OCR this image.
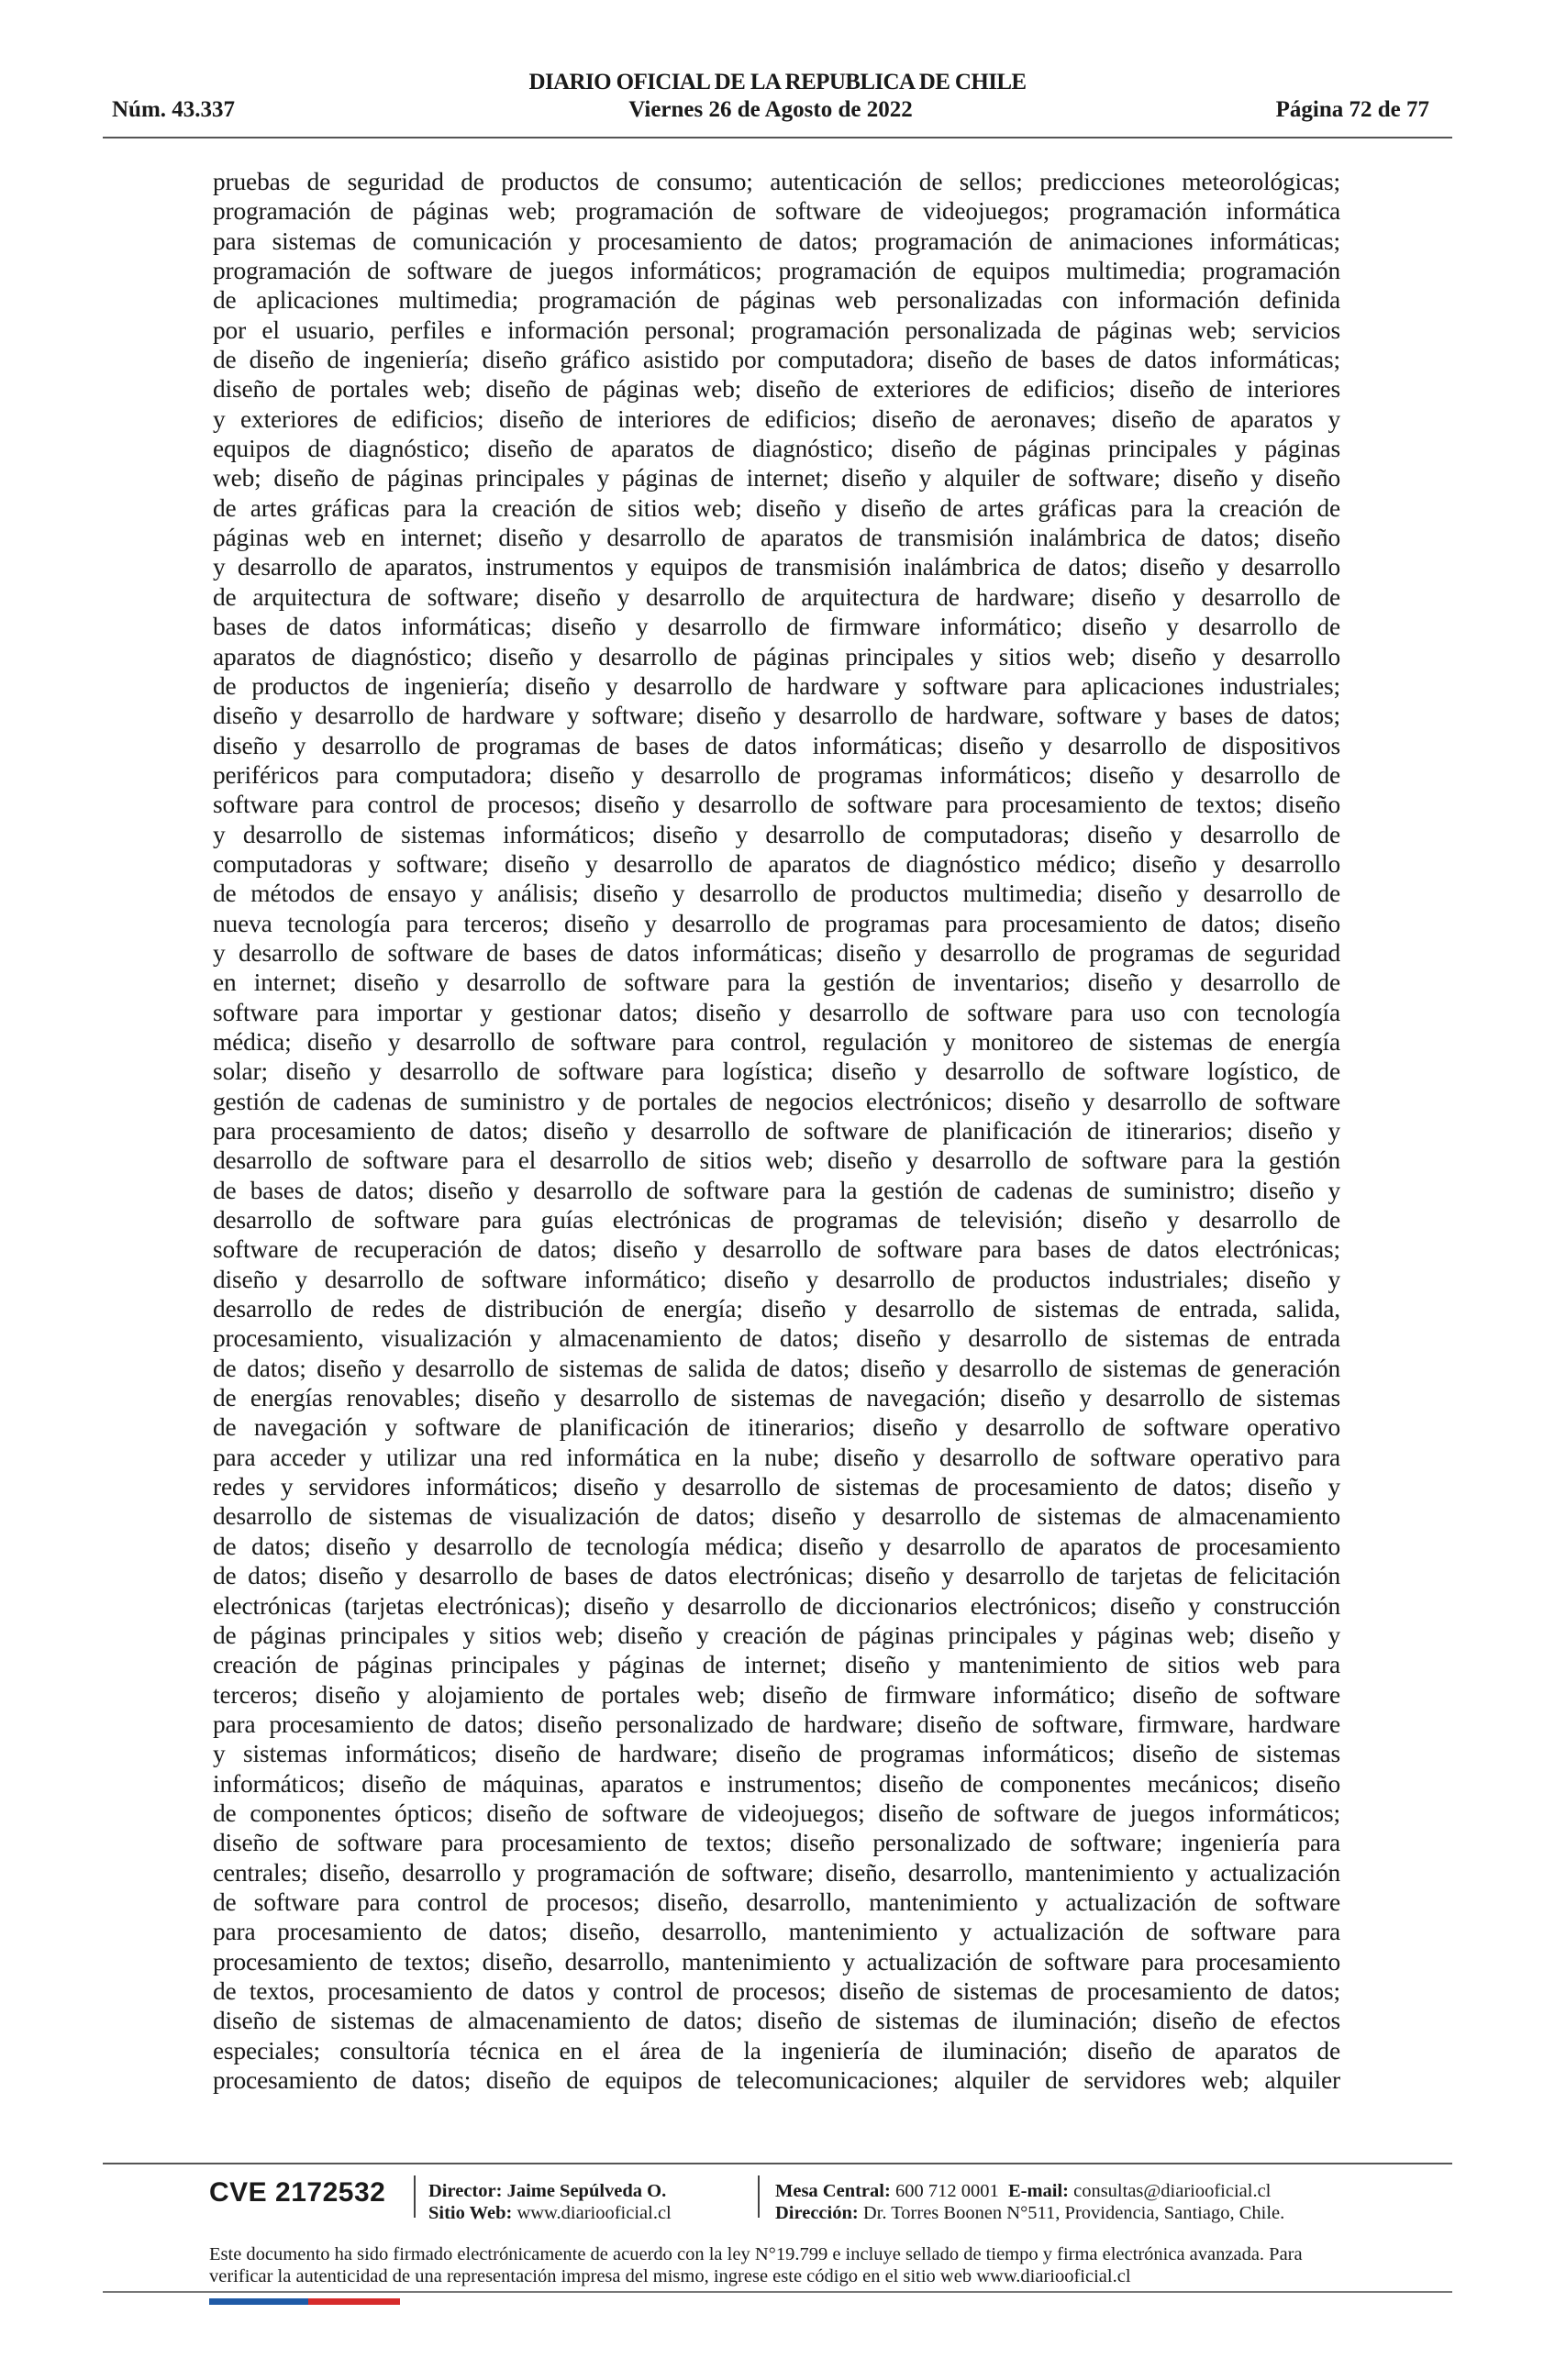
DIARIO OFICIAL DE LA REPUBLICA DE CHILE
Núm. 43.337	Viernes 26 de Agosto de 2022	Página 72 de 77
pruebas de seguridad de productos de consumo; autenticación de sellos; predicciones meteorológicas;
programación de páginas web; programación de software de videojuegos; programación informática
para sistemas de comunicación y procesamiento de datos; programación de animaciones informáticas;
programación de software de juegos informáticos; programación de equipos multimedia; programación
de aplicaciones multimedia; programación de páginas web personalizadas con información definida
por el usuario, perfiles e información personal; programación personalizada de páginas web; servicios
de diseño de ingeniería; diseño gráfico asistido por computadora; diseño de bases de datos informáticas;
diseño de portales web; diseño de páginas web; diseño de exteriores de edificios; diseño de interiores
y exteriores de edificios; diseño de interiores de edificios; diseño de aeronaves; diseño de aparatos y
equipos de diagnóstico; diseño de aparatos de diagnóstico; diseño de páginas principales y páginas
web; diseño de páginas principales y páginas de internet; diseño y alquiler de software; diseño y diseño
de artes gráficas para la creación de sitios web; diseño y diseño de artes gráficas para la creación de
páginas web en internet; diseño y desarrollo de aparatos de transmisión inalámbrica de datos; diseño
y desarrollo de aparatos, instrumentos y equipos de transmisión inalámbrica de datos; diseño y desarrollo
de arquitectura de software; diseño y desarrollo de arquitectura de hardware; diseño y desarrollo de
bases de datos informáticas; diseño y desarrollo de firmware informático; diseño y desarrollo de
aparatos de diagnóstico; diseño y desarrollo de páginas principales y sitios web; diseño y desarrollo
de productos de ingeniería; diseño y desarrollo de hardware y software para aplicaciones industriales;
diseño y desarrollo de hardware y software; diseño y desarrollo de hardware, software y bases de datos;
diseño y desarrollo de programas de bases de datos informáticas; diseño y desarrollo de dispositivos
periféricos para computadora; diseño y desarrollo de programas informáticos; diseño y desarrollo de
software para control de procesos; diseño y desarrollo de software para procesamiento de textos; diseño
y desarrollo de sistemas informáticos; diseño y desarrollo de computadoras; diseño y desarrollo de
computadoras y software; diseño y desarrollo de aparatos de diagnóstico médico; diseño y desarrollo
de métodos de ensayo y análisis; diseño y desarrollo de productos multimedia; diseño y desarrollo de
nueva tecnología para terceros; diseño y desarrollo de programas para procesamiento de datos; diseño
y desarrollo de software de bases de datos informáticas; diseño y desarrollo de programas de seguridad
en internet; diseño y desarrollo de software para la gestión de inventarios; diseño y desarrollo de
software para importar y gestionar datos; diseño y desarrollo de software para uso con tecnología
médica; diseño y desarrollo de software para control, regulación y monitoreo de sistemas de energía
solar; diseño y desarrollo de software para logística; diseño y desarrollo de software logístico, de
gestión de cadenas de suministro y de portales de negocios electrónicos; diseño y desarrollo de software
para procesamiento de datos; diseño y desarrollo de software de planificación de itinerarios; diseño y
desarrollo de software para el desarrollo de sitios web; diseño y desarrollo de software para la gestión
de bases de datos; diseño y desarrollo de software para la gestión de cadenas de suministro; diseño y
desarrollo de software para guías electrónicas de programas de televisión; diseño y desarrollo de
software de recuperación de datos; diseño y desarrollo de software para bases de datos electrónicas;
diseño y desarrollo de software informático; diseño y desarrollo de productos industriales; diseño y
desarrollo de redes de distribución de energía; diseño y desarrollo de sistemas de entrada, salida,
procesamiento, visualización y almacenamiento de datos; diseño y desarrollo de sistemas de entrada
de datos; diseño y desarrollo de sistemas de salida de datos; diseño y desarrollo de sistemas de generación
de energías renovables; diseño y desarrollo de sistemas de navegación; diseño y desarrollo de sistemas
de navegación y software de planificación de itinerarios; diseño y desarrollo de software operativo
para acceder y utilizar una red informática en la nube; diseño y desarrollo de software operativo para
redes y servidores informáticos; diseño y desarrollo de sistemas de procesamiento de datos; diseño y
desarrollo de sistemas de visualización de datos; diseño y desarrollo de sistemas de almacenamiento
de datos; diseño y desarrollo de tecnología médica; diseño y desarrollo de aparatos de procesamiento
de datos; diseño y desarrollo de bases de datos electrónicas; diseño y desarrollo de tarjetas de felicitación
electrónicas (tarjetas electrónicas); diseño y desarrollo de diccionarios electrónicos; diseño y construcción
de páginas principales y sitios web; diseño y creación de páginas principales y páginas web; diseño y
creación de páginas principales y páginas de internet; diseño y mantenimiento de sitios web para
terceros; diseño y alojamiento de portales web; diseño de firmware informático; diseño de software
para procesamiento de datos; diseño personalizado de hardware; diseño de software, firmware, hardware
y sistemas informáticos; diseño de hardware; diseño de programas informáticos; diseño de sistemas
informáticos; diseño de máquinas, aparatos e instrumentos; diseño de componentes mecánicos; diseño
de componentes ópticos; diseño de software de videojuegos; diseño de software de juegos informáticos;
diseño de software para procesamiento de textos; diseño personalizado de software; ingeniería para
centrales; diseño, desarrollo y programación de software; diseño, desarrollo, mantenimiento y actualización
de software para control de procesos; diseño, desarrollo, mantenimiento y actualización de software
para procesamiento de datos; diseño, desarrollo, mantenimiento y actualización de software para
procesamiento de textos; diseño, desarrollo, mantenimiento y actualización de software para procesamiento
de textos, procesamiento de datos y control de procesos; diseño de sistemas de procesamiento de datos;
diseño de sistemas de almacenamiento de datos; diseño de sistemas de iluminación; diseño de efectos
especiales; consultoría técnica en el área de la ingeniería de iluminación; diseño de aparatos de
procesamiento de datos; diseño de equipos de telecomunicaciones; alquiler de servidores web; alquiler
CVE 2172532 Director: Jaime Sepúlveda O.
Sitio Web: www.diariooficial.cl
Mesa Central: 600 712 0001 E-mail: consultas@diariooficial.cl
Dirección: Dr. Torres Boonen N°511, Providencia, Santiago, Chile.
Este documento ha sido firmado electrónicamente de acuerdo con la ley N°19.799 e incluye sellado de tiempo y firma electrónica avanzada. Para verificar la autenticidad de una representación impresa del mismo, ingrese este código en el sitio web www.diariooficial.cl
